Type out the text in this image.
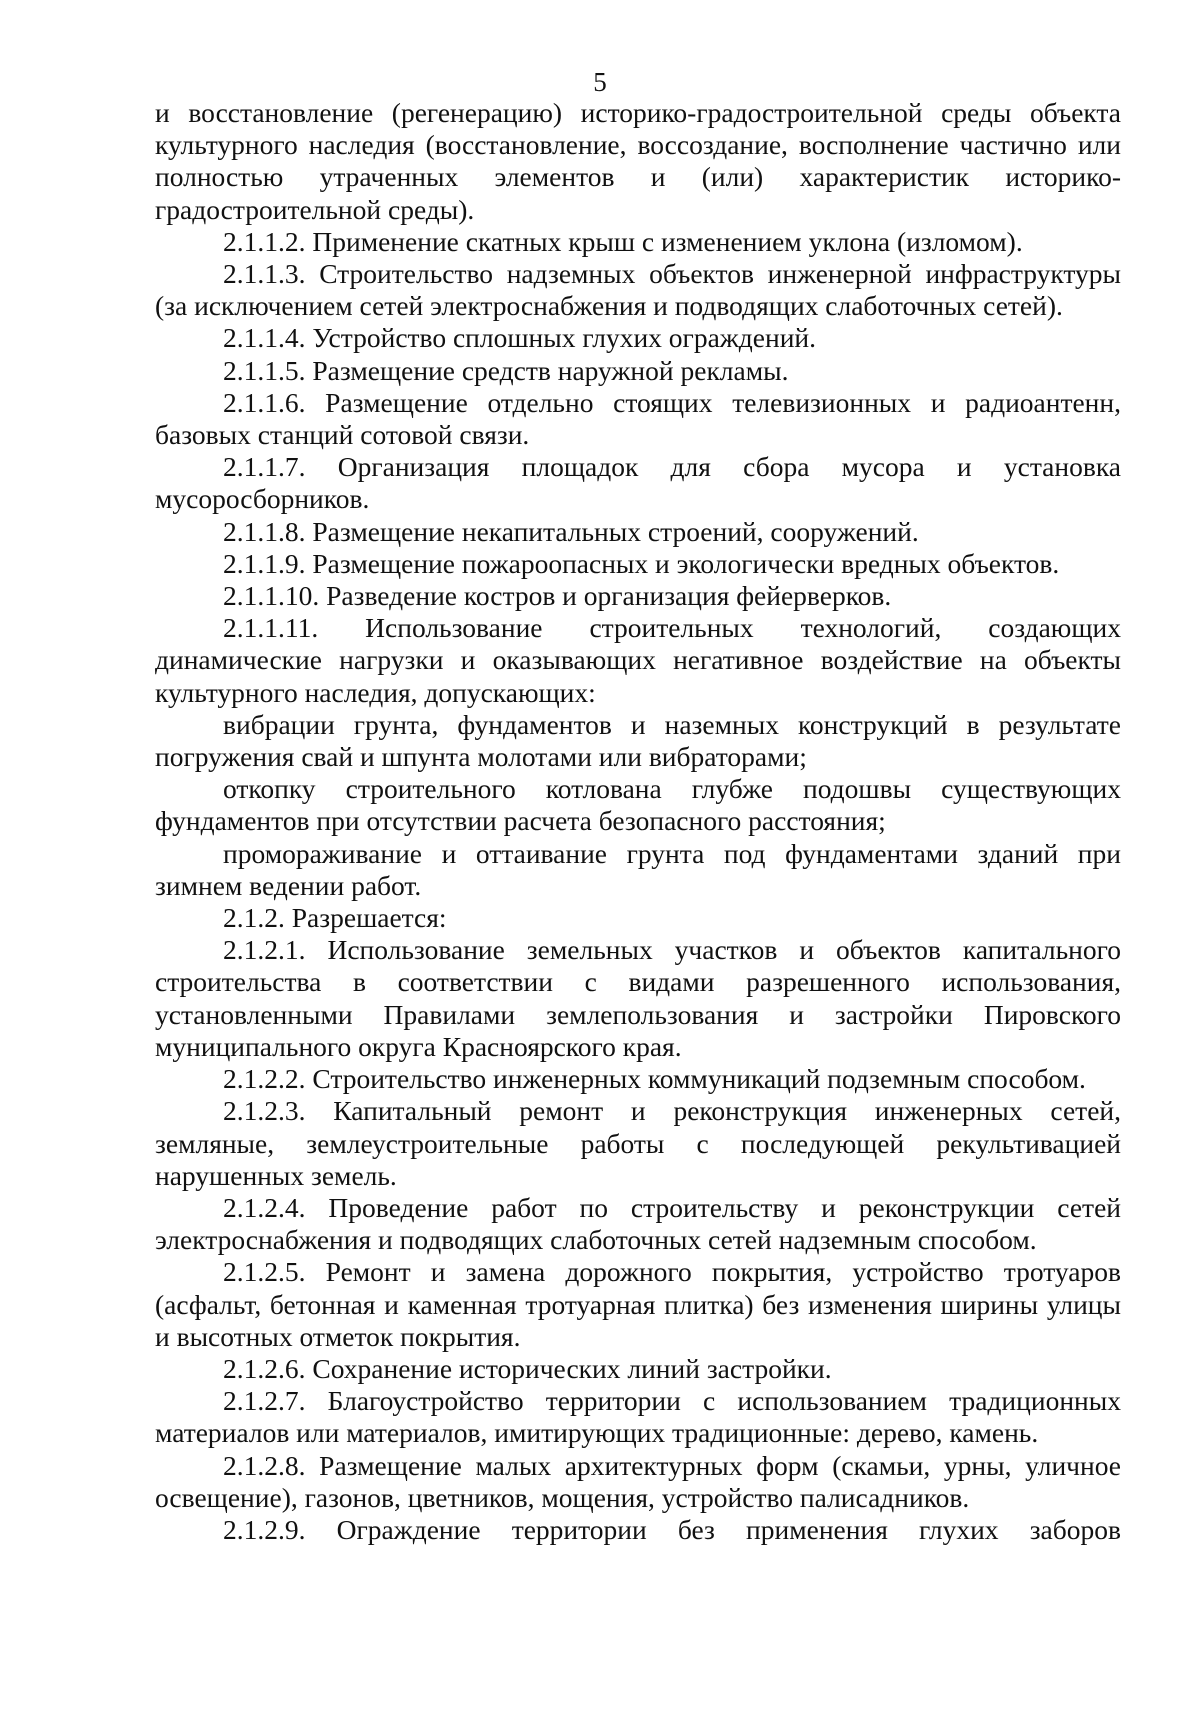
5

и восстановление (регенерацию) историко-градостроительной среды объекта культурного наследия (восстановление, воссоздание, восполнение частично или полностью утраченных элементов и (или) характеристик историко-градостроительной среды).

2.1.1.2. Применение скатных крыш с изменением уклона (изломом).

2.1.1.3. Строительство надземных объектов инженерной инфраструктуры (за исключением сетей электроснабжения и подводящих слаботочных сетей).

2.1.1.4. Устройство сплошных глухих ограждений.

2.1.1.5. Размещение средств наружной рекламы.

2.1.1.6. Размещение отдельно стоящих телевизионных и радиоантенн, базовых станций сотовой связи.

2.1.1.7. Организация площадок для сбора мусора и установка мусоросборников.

2.1.1.8. Размещение некапитальных строений, сооружений.

2.1.1.9. Размещение пожароопасных и экологически вредных объектов.

2.1.1.10. Разведение костров и организация фейерверков.

2.1.1.11. Использование строительных технологий, создающих динамические нагрузки и оказывающих негативное воздействие на объекты культурного наследия, допускающих:

вибрации грунта, фундаментов и наземных конструкций в результате погружения свай и шпунта молотами или вибраторами;

откопку строительного котлована глубже подошвы существующих фундаментов при отсутствии расчета безопасного расстояния;

промораживание и оттаивание грунта под фундаментами зданий при зимнем ведении работ.

2.1.2. Разрешается:

2.1.2.1. Использование земельных участков и объектов капитального строительства в соответствии с видами разрешенного использования, установленными Правилами землепользования и застройки Пировского муниципального округа Красноярского края.

2.1.2.2. Строительство инженерных коммуникаций подземным способом.

2.1.2.3. Капитальный ремонт и реконструкция инженерных сетей, земляные, землеустроительные работы с последующей рекультивацией нарушенных земель.

2.1.2.4. Проведение работ по строительству и реконструкции сетей электроснабжения и подводящих слаботочных сетей надземным способом.

2.1.2.5. Ремонт и замена дорожного покрытия, устройство тротуаров (асфальт, бетонная и каменная тротуарная плитка) без изменения ширины улицы и высотных отметок покрытия.

2.1.2.6. Сохранение исторических линий застройки.

2.1.2.7. Благоустройство территории с использованием традиционных материалов или материалов, имитирующих традиционные: дерево, камень.

2.1.2.8. Размещение малых архитектурных форм (скамьи, урны, уличное освещение), газонов, цветников, мощения, устройство палисадников.

2.1.2.9. Ограждение территории без применения глухих заборов
